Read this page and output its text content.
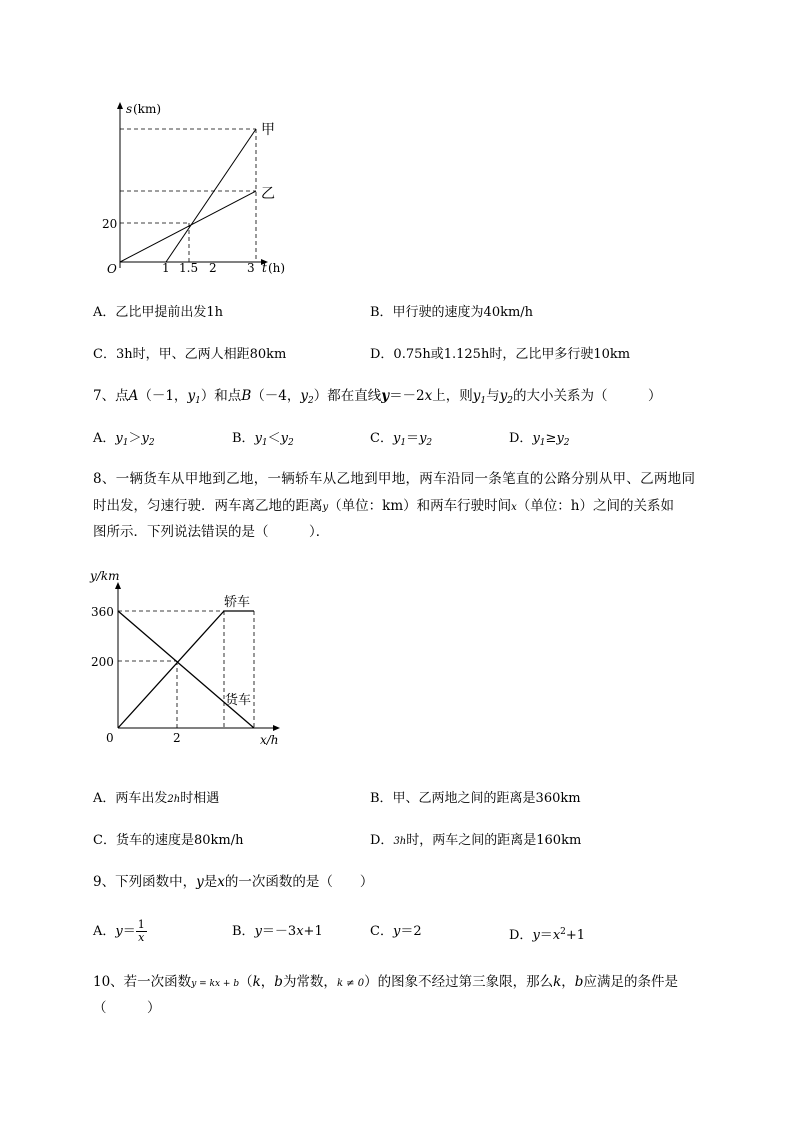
s (km)
O
20
1 1.5 2	3 t (h)
甲
乙
A．乙比甲提前出发1h	B．甲行驶的速度为40km/h
C．3h时，甲、乙两人相距80km	D．0.75h或1.125h时，乙比甲多行驶10km
7、点A（－1，$y_1$）和点B（－4，$y_2$）都在直线y＝－2x上，则$y_1$与$y_2$的大小关系为（　　　）
A．$y_1>y_2$	B．$y_1<y_2$	C．$y_1=y_2$	D．$y_1\ge y_2$
8、一辆货车从甲地到乙地，一辆轿车从乙地到甲地，两车沿同一条笔直的公路分别从甲、乙两地同
时出发，匀速行驶．两车离乙地的距离y（单位：km）和两车行驶时间x（单位：h）之间的关系如
图所示．下列说法错误的是（　　　）．
y/km
360
200
0	2	x/h
轿车
货车
A．两车出发2h时相遇	B．甲、乙两地之间的距离是360km
C．货车的速度是80km/h	D．3h时，两车之间的距离是160km
9、下列函数中，y是x的一次函数的是（　　）
A．$y= \frac{1}{x}$	B．y＝－3x+1	C．y＝2	D．$y=x^2+1$
10、若一次函数y = kx + b（k，b为常数，k ≠ 0）的图象不经过第三象限，那么k，b应满足的条件是
（　　　）
